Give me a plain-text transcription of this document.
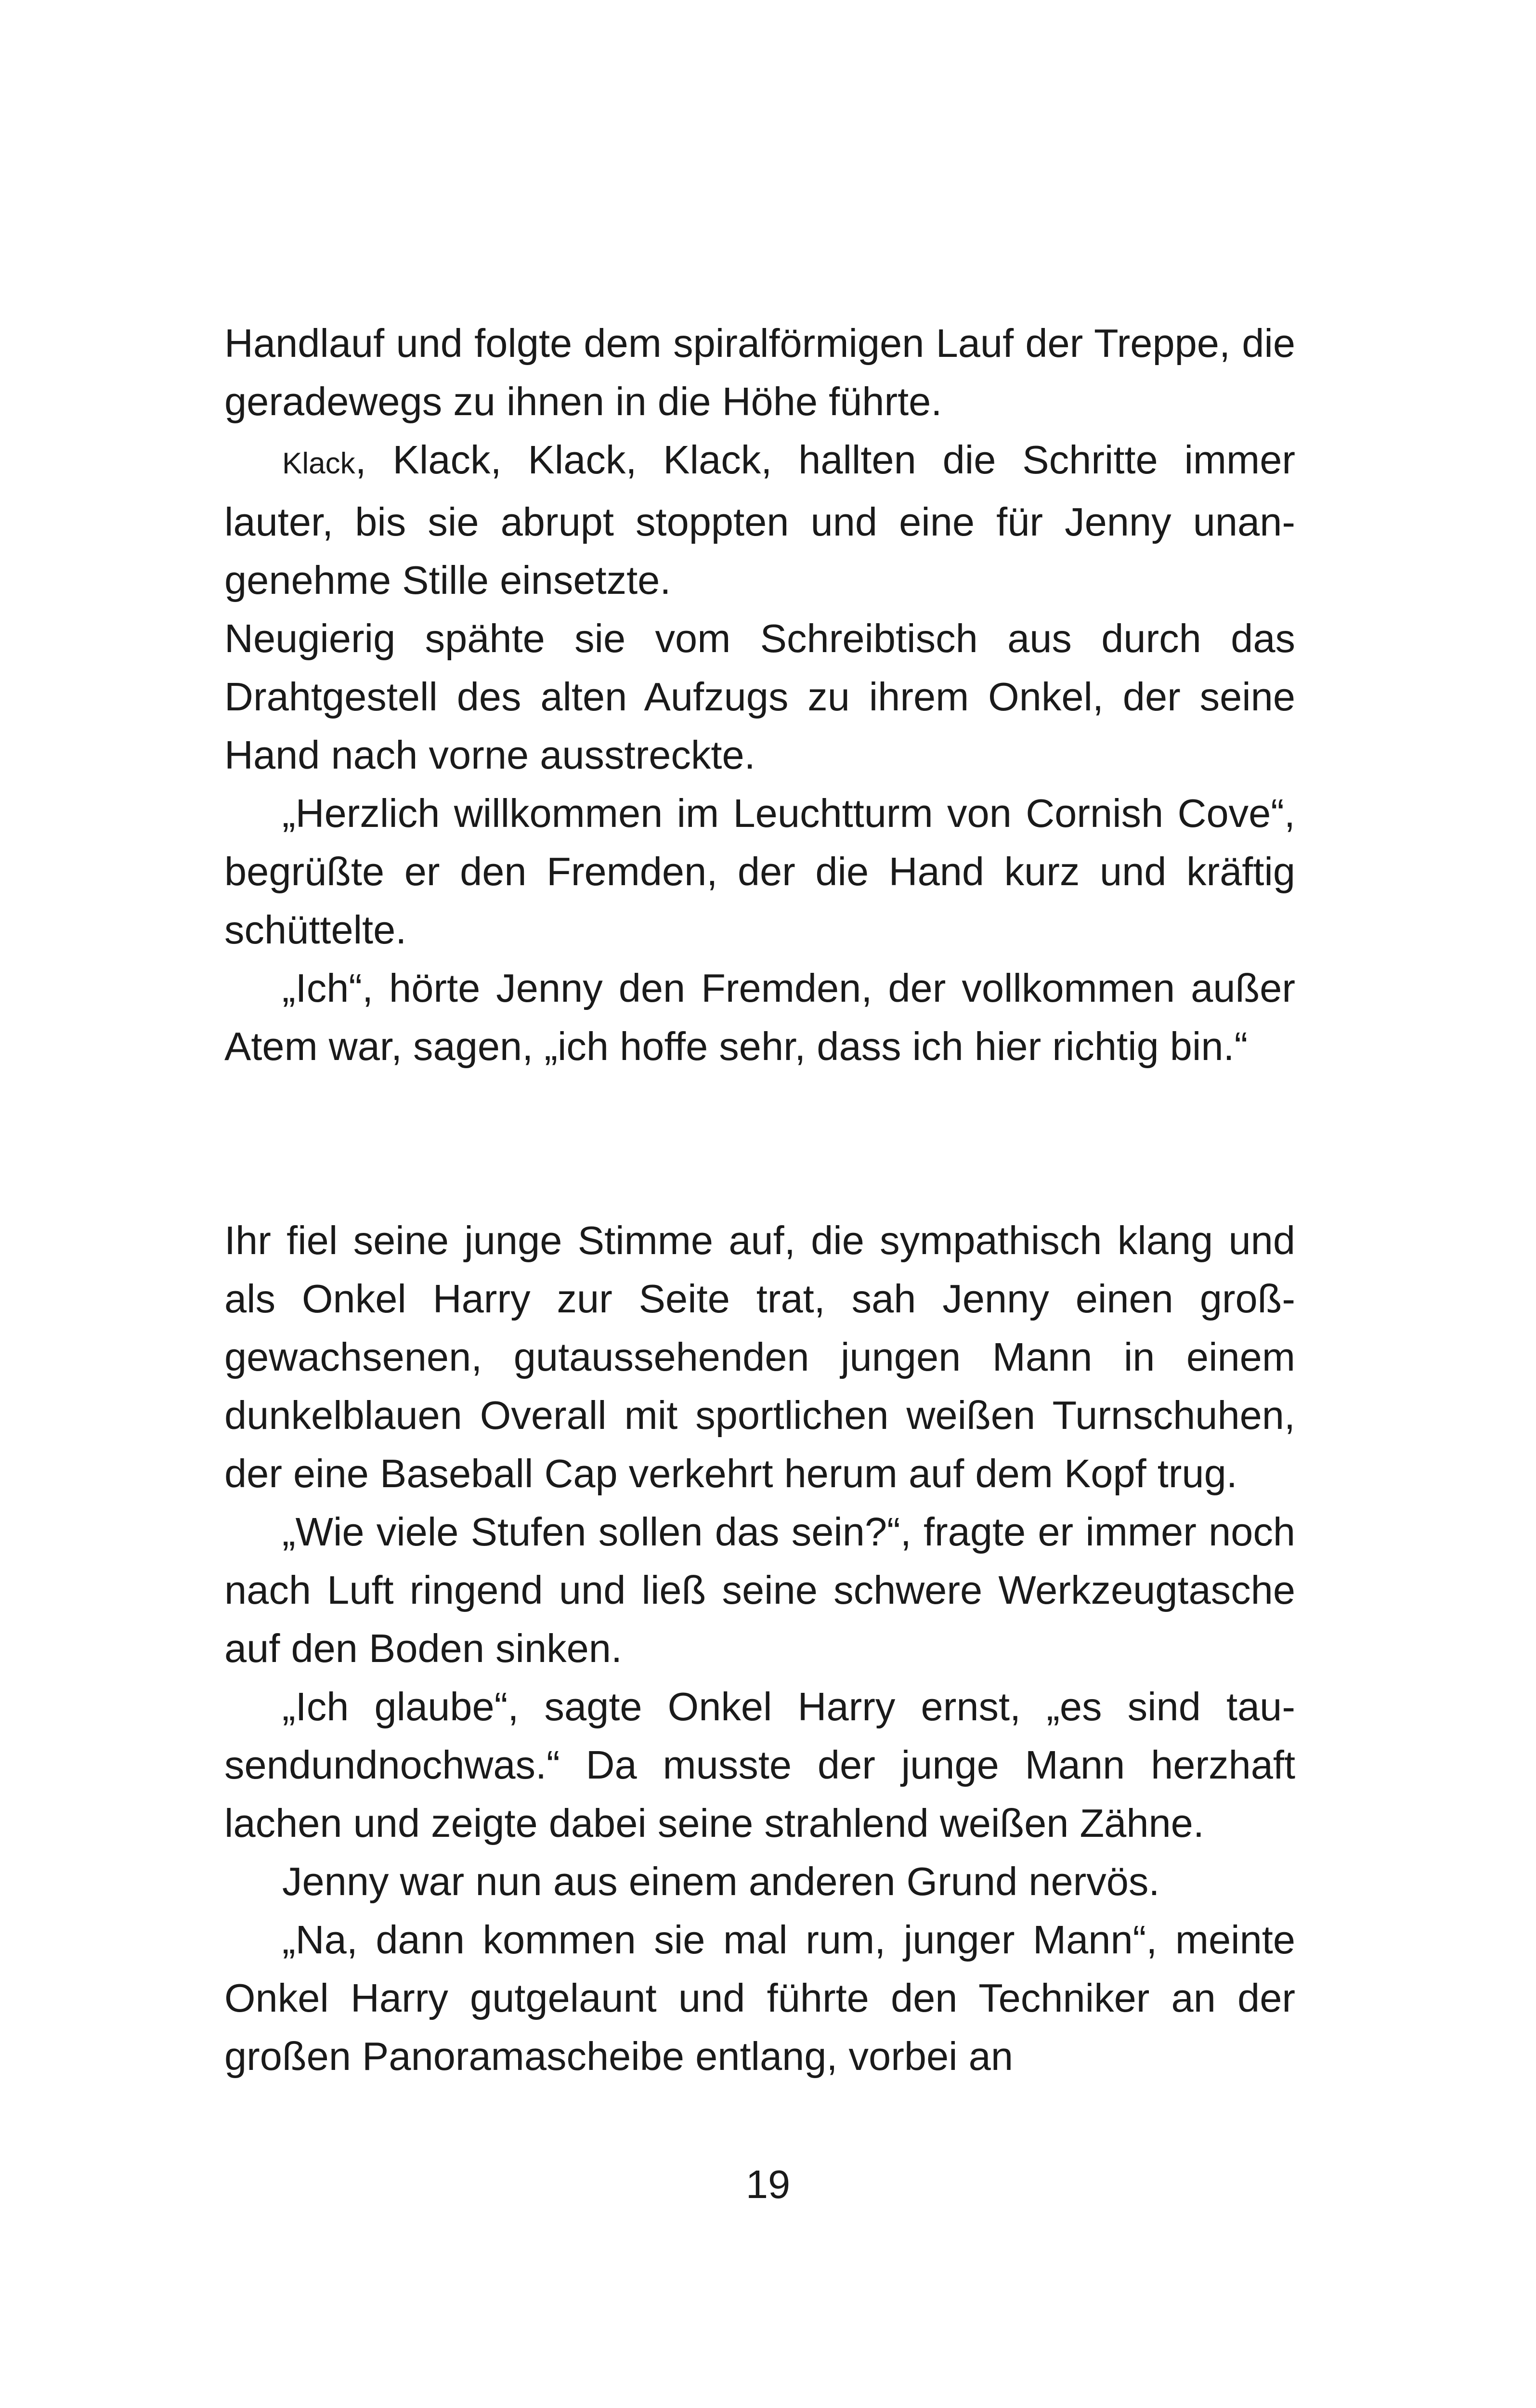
Handlauf und folgte dem spiralförmigen Lauf der Treppe, die geradewegs zu ihnen in die Höhe führte.

Klack, Klack, Klack, Klack, hallten die Schritte immer lauter, bis sie abrupt stoppten und eine für Jenny unangenehme Stille einsetzte.

Neugierig spähte sie vom Schreibtisch aus durch das Drahtgestell des alten Aufzugs zu ihrem Onkel, der seine Hand nach vorne ausstreckte.

„Herzlich willkommen im Leuchtturm von Cornish Cove“, begrüßte er den Fremden, der die Hand kurz und kräftig schüttelte.

„Ich“, hörte Jenny den Fremden, der vollkommen außer Atem war, sagen, „ich hoffe sehr, dass ich hier richtig bin.“

Ihr fiel seine junge Stimme auf, die sympathisch klang und als Onkel Harry zur Seite trat, sah Jenny einen großgewachsenen, gutaussehenden jungen Mann in einem dunkelblauen Overall mit sportlichen weißen Turnschuhen, der eine Baseball Cap verkehrt herum auf dem Kopf trug.

„Wie viele Stufen sollen das sein?“, fragte er immer noch nach Luft ringend und ließ seine schwere Werkzeugtasche auf den Boden sinken.

„Ich glaube“, sagte Onkel Harry ernst, „es sind tausendundnochwas.“ Da musste der junge Mann herzhaft lachen und zeigte dabei seine strahlend weißen Zähne.

Jenny war nun aus einem anderen Grund nervös.

„Na, dann kommen sie mal rum, junger Mann“, meinte Onkel Harry gutgelaunt und führte den Techniker an der großen Panoramascheibe entlang, vorbei an

19
